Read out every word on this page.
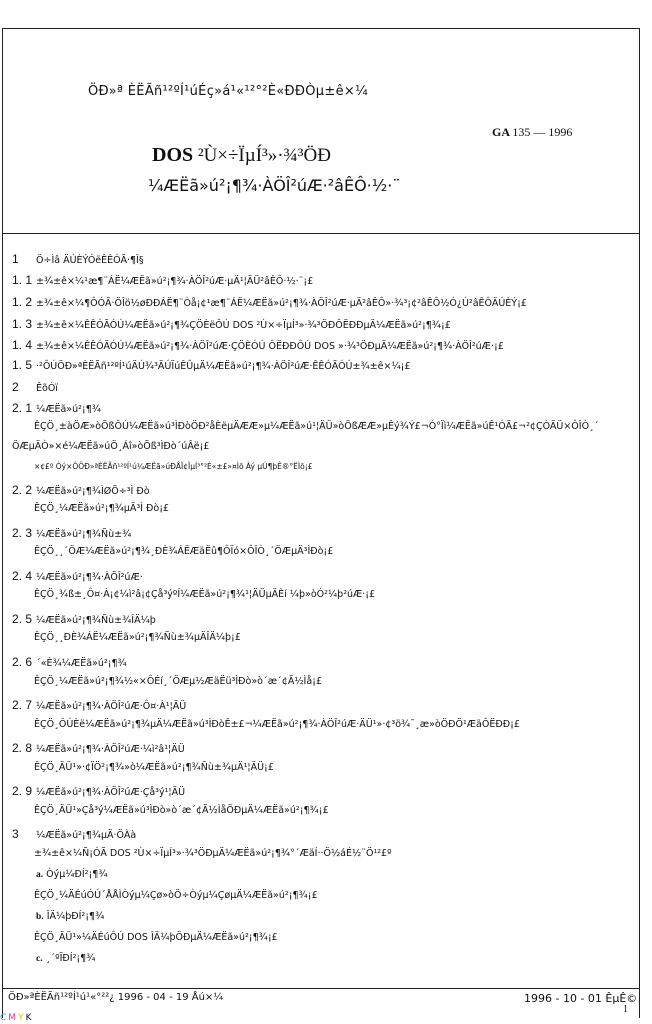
ÖÐ»ª ÈËÃñ¹²ºÍ¹úÉç»á¹«¹²°²È«ÐÐÒµ±ê×¼
GA 135 — 1996
DOS ²Ù×÷ÏµÍ³»·¾³ÖÐ
¼ÆËã»ú²¡¶¾·ÀÖÎ²úÆ·²âÊÔ·½·¨
1 Ö÷Ìâ ÄÚÈÝÓëÊÊÓÃ·¶Î§
1. 1 ±¾±ê×¼¹æ¶¨ÁË¼ÆËã»ú²¡¶¾·ÀÖÎ²úÆ·µÄ¹¦ÄÜ²âÊÔ·½·¨¡£
1. 2 ±¾±ê×¼¶ÔÓÃ·ÖÎö½øÐÐÁË¶¨Òå¡¢¹æ¶¨ÁË¼ÆËã»ú²¡¶¾·ÀÖÎ²úÆ·µÄ²âÊÔ»·¾³¡¢²âÊÔ½Ó¿Ú²âÊÔÄÚÈÝ¡£
1. 3 ±¾±ê×¼ÊÊÓÃÓÚ¼ÆËã»ú²¡¶¾ÇÖÈëÔÚ DOS ²Ù×÷ÏµÍ³»·¾³ÖÐÔËÐÐµÄ¼ÆËã»ú²¡¶¾¡£
1. 4 ±¾±ê×¼ÊÊÓÃÓÚ¼ÆËã»ú²¡¶¾·ÀÖÎ²úÆ·ÇÖÈÓÚ ÔËÐÐÔÚ DOS »·¾³ÖÐµÄ¼ÆËã»ú²¡¶¾·ÀÖÎ²úÆ·¡£
1. 5 ·²ÔÚÖÐ»ªÈËÃñ¹²ºÍ¹úÄÚ¾³ÄÚÏúÊÛµÄ¼ÆËã»ú²¡¶¾·ÀÖÎ²úÆ·ÊÊÓÃÓÚ±¾±ê×¼¡£
2 ÊõÓï
2. 1 ¼ÆËã»ú²¡¶¾
ÊÇÖ¸±àÖÆ»òÕßÔÚ¼ÆËã»ú³ÌÐòÖÐ²åÈëµÄÆÆ»µ¼ÆËã»ú¹¦ÄÜ»òÕßÆÆ»µÊý¾Ý£¬Ó°Ïì¼ÆËã»úÊ¹ÓÃ£¬²¢ÇÒÄÜ×ÔÎÒ¸´
ÖÆµÄÒ»×é¼ÆËã»úÖ¸Áî»òÕß³ÌÐò´úÂë¡£
×¢£º Òý×ÔÖÐ»ªÈËÃñ¹²ºÍ¹ú¼ÆËã»úÐÅÏ¢ÏµÍ³°²È«±£»¤Ìõ Àý µÚ¶þÊ®°ËÌõ¡£
2. 2 ¼ÆËã»ú²¡¶¾ÌØÕ÷³Ì Ðò
ÊÇÖ¸¼ÆËã»ú²¡¶¾µÄ³Ì Ðò¡£
2. 3 ¼ÆËã»ú²¡¶¾Ñù±¾
ÊÇÖ¸¸´ÖÆ¼ÆËã»ú²¡¶¾¸ÐÈ¾ÁËÆäËû¶ÔÏó×ÔÎÒ¸´ÖÆµÄ³ÌÐò¡£
2. 4 ¼ÆËã»ú²¡¶¾·ÀÖÎ²úÆ·
ÊÇÖ¸¾ß±¸Ô¤·À¡¢¼ì²â¡¢Çå³ýºÍ¼ÆËã»ú²¡¶¾¹¦ÄÜµÄÈí ¼þ»òÓ²¼þ²úÆ·¡£
2. 5 ¼ÆËã»ú²¡¶¾Ñù±¾ÎÄ¼þ
ÊÇÖ¸¸ÐÈ¾ÁË¼ÆËã»ú²¡¶¾Ñù±¾µÄÎÄ¼þ¡£
2. 6 ´«È¾¼ÆËã»ú²¡¶¾
ÊÇÖ¸¼ÆËã»ú²¡¶¾½«×ÔÉí¸´ÖÆµ½ÆäËü³ÌÐò»ò´æ´¢Ã½Ìå¡£
2. 7 ¼ÆËã»ú²¡¶¾·ÀÖÎ²úÆ·Ô¤·À¹¦ÄÜ
ÊÇÖ¸ÔÚÈë¼ÆËã»ú²¡¶¾µÄ¼ÆËã»ú³ÌÐòÊ±£¬¼ÆËã»ú²¡¶¾·ÀÖÎ²úÆ·ÄÜ¹»·¢³ö¾¯¸æ»òÖÐÖ¹ÆäÔËÐÐ¡£
2. 8 ¼ÆËã»ú²¡¶¾·ÀÖÎ²úÆ·¼ì²â¹¦ÄÜ
ÊÇÖ¸ÄÜ¹»·¢ÏÖ²¡¶¾»ò¼ÆËã»ú²¡¶¾Ñù±¾µÄ¹¦ÄÜ¡£
2. 9 ¼ÆËã»ú²¡¶¾·ÀÖÎ²úÆ·Çå³ý¹¦ÄÜ
ÊÇÖ¸ÄÜ¹»Çå³ý¼ÆËã»ú³ÌÐò»ò´æ´¢Ã½ÌåÖÐµÄ¼ÆËã»ú²¡¶¾¡£
3 ¼ÆËã»ú²¡¶¾µÄ·ÖÀà
±¾±ê×¼Ñ¡ÓÃ DOS ²Ù×÷ÏµÍ³»·¾³ÖÐµÄ¼ÆËã»ú²¡¶¾°´ÆäÍ··Ö½áÉ½¨Ö¹²£º
a. Òýµ¼ÐÍ²¡¶¾
ÊÇÖ¸¼ÄÉúÓÚ´ÅÅÌÒýµ¼Çø»òÖ÷Òýµ¼ÇøµÄ¼ÆËã»ú²¡¶¾¡£
b. ÎÄ¼þÐÍ²¡¶¾
ÊÇÖ¸ÄÜ¹»¼ÄÉúÔÚ DOS ÎÄ¼þÖÐµÄ¼ÆËã»ú²¡¶¾¡£
c. ¸´ºÏÐÍ²¡¶¾
ÖÐ»ªÈËÃñ¹²ºÍ¹ú¹«°²²¿ 1996 - 04 - 19 Åú×¼	1996 - 10 - 01 ÊµÊ©
1
CMYK
